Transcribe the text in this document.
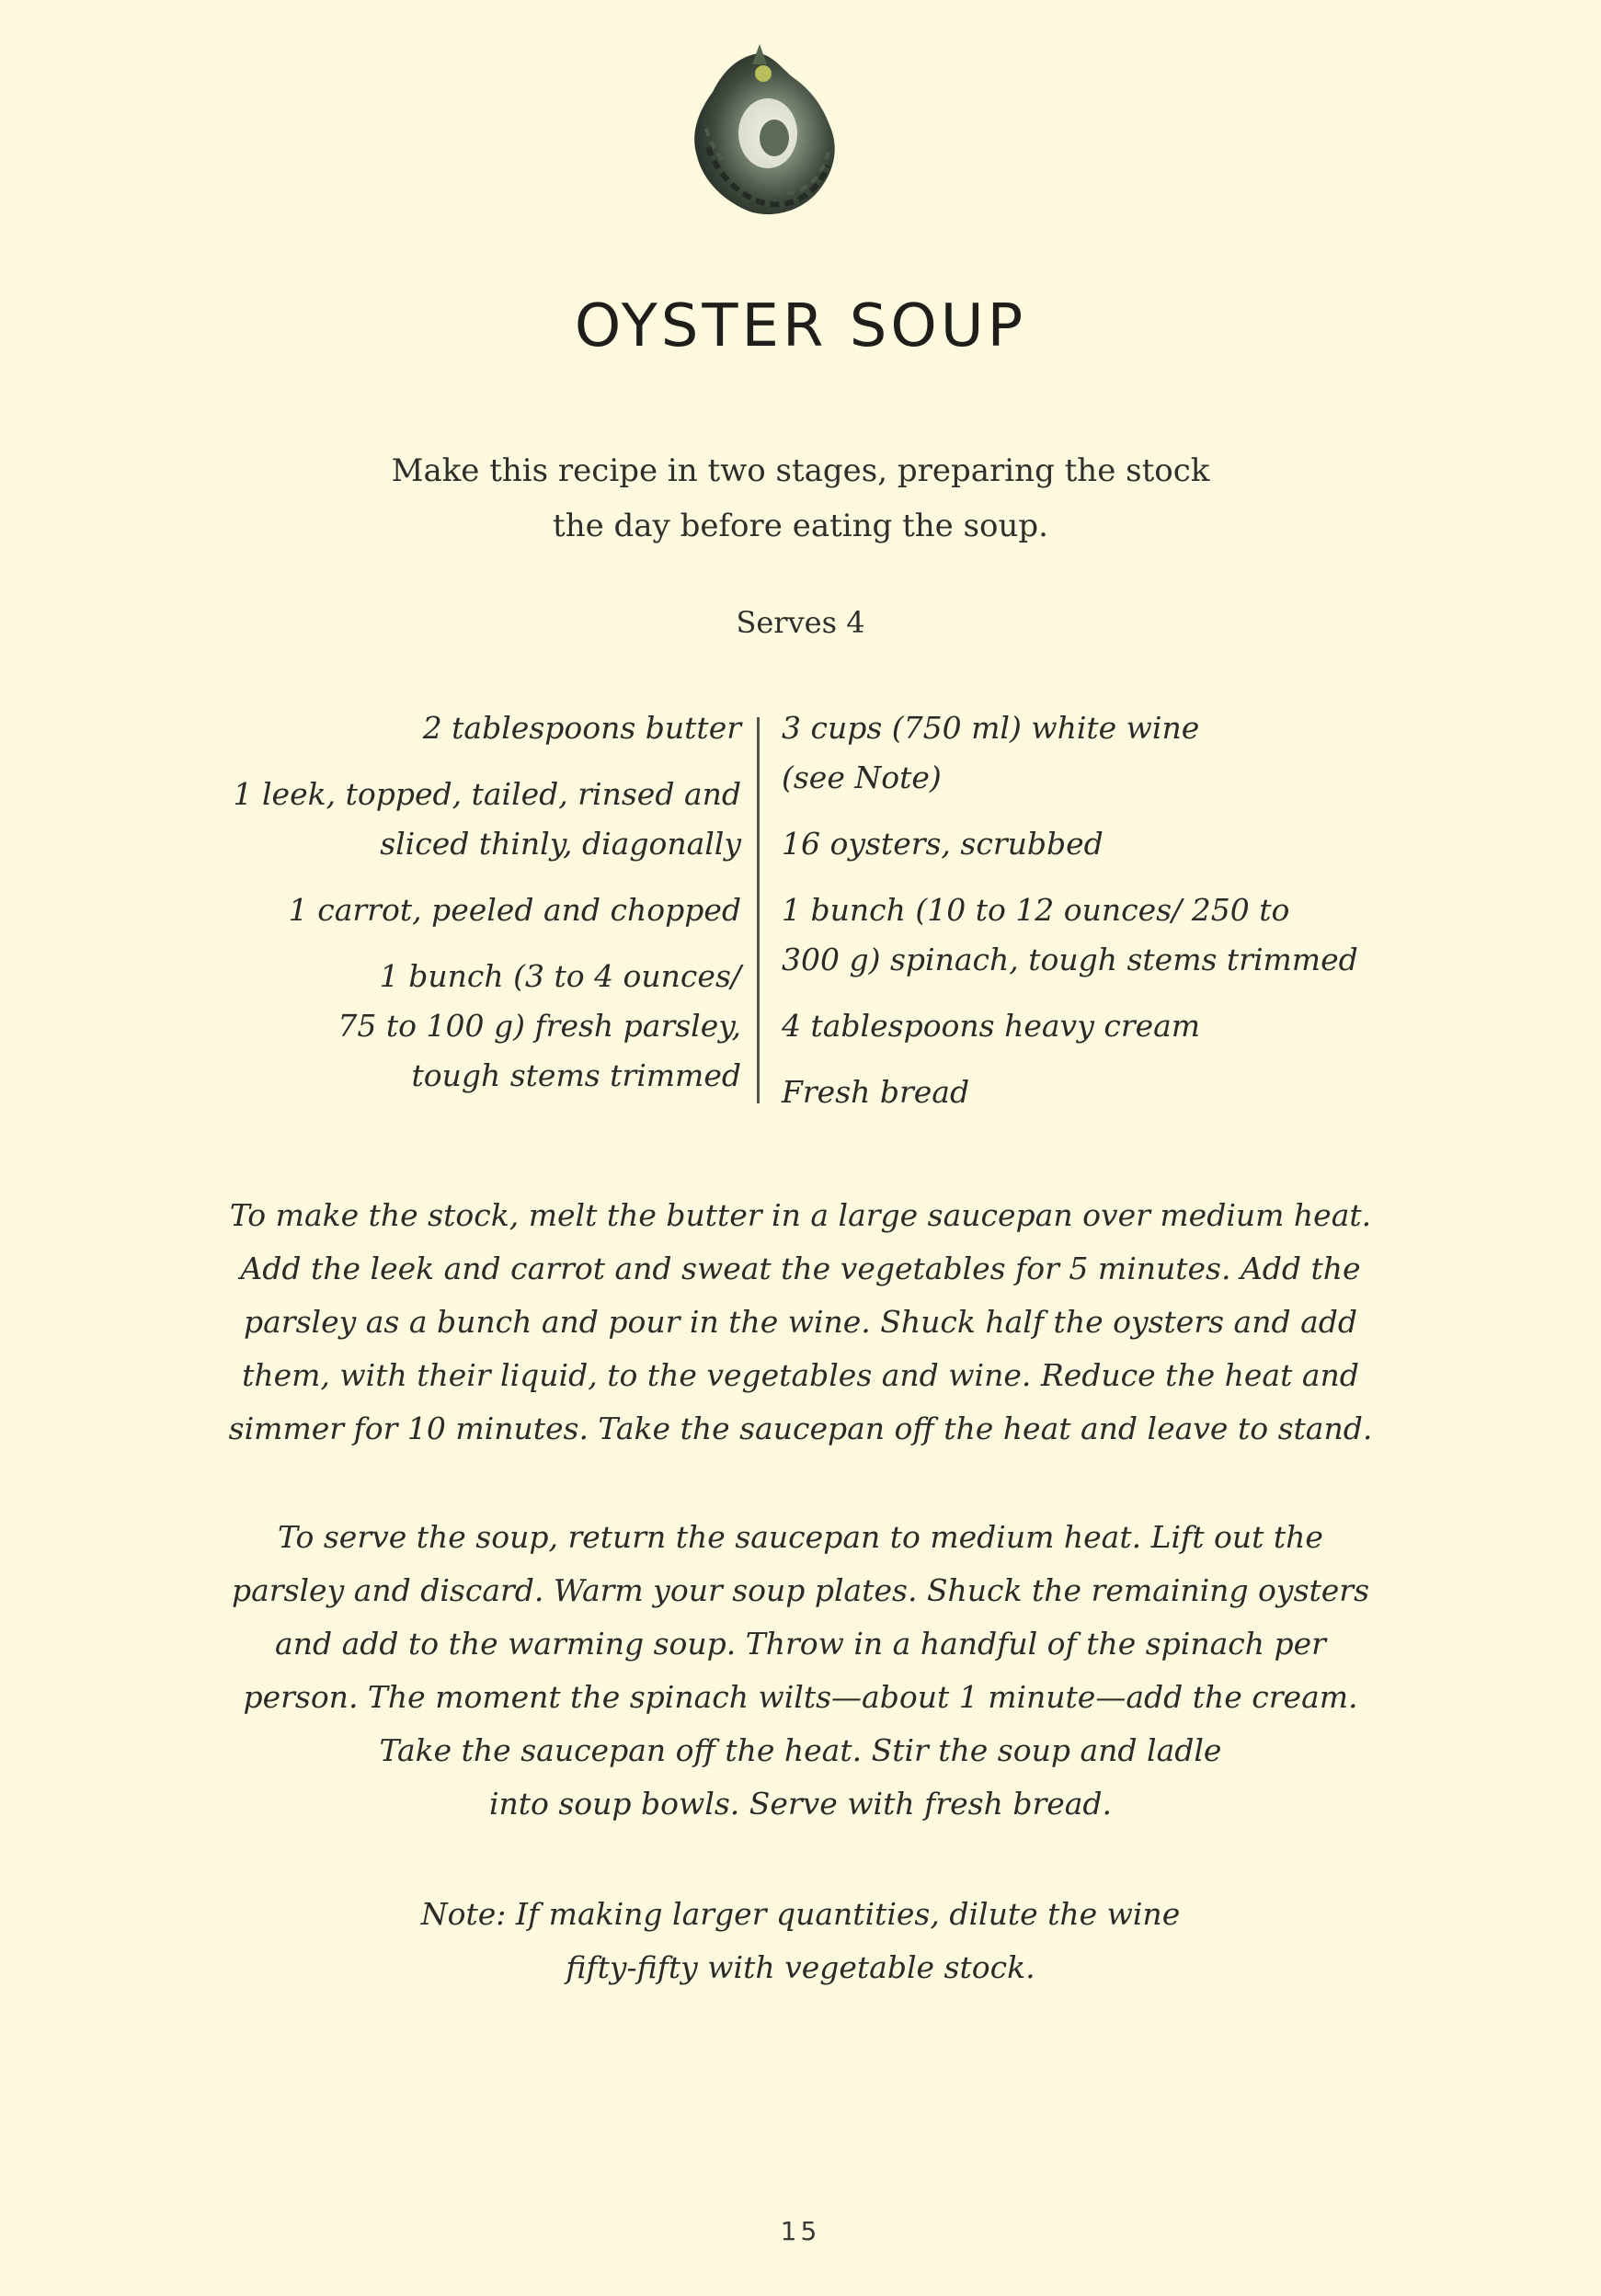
OYSTER SOUP
Make this recipe in two stages, preparing the stock
the day before eating the soup.
Serves 4
2 tablespoons butter
1 leek, topped, tailed, rinsed and
sliced thinly, diagonally
1 carrot, peeled and chopped
1 bunch (3 to 4 ounces/
75 to 100 g) fresh parsley,
tough stems trimmed
3 cups (750 ml) white wine
(see Note)
16 oysters, scrubbed
1 bunch (10 to 12 ounces/ 250 to
300 g) spinach, tough stems trimmed
4 tablespoons heavy cream
Fresh bread
To make the stock, melt the butter in a large saucepan over medium heat.
Add the leek and carrot and sweat the vegetables for 5 minutes. Add the
parsley as a bunch and pour in the wine. Shuck half the oysters and add
them, with their liquid, to the vegetables and wine. Reduce the heat and
simmer for 10 minutes. Take the saucepan off the heat and leave to stand.
To serve the soup, return the saucepan to medium heat. Lift out the
parsley and discard. Warm your soup plates. Shuck the remaining oysters
and add to the warming soup. Throw in a handful of the spinach per
person. The moment the spinach wilts—about 1 minute—add the cream.
Take the saucepan off the heat. Stir the soup and ladle
into soup bowls. Serve with fresh bread.
Note: If making larger quantities, dilute the wine
fifty-fifty with vegetable stock.
15
